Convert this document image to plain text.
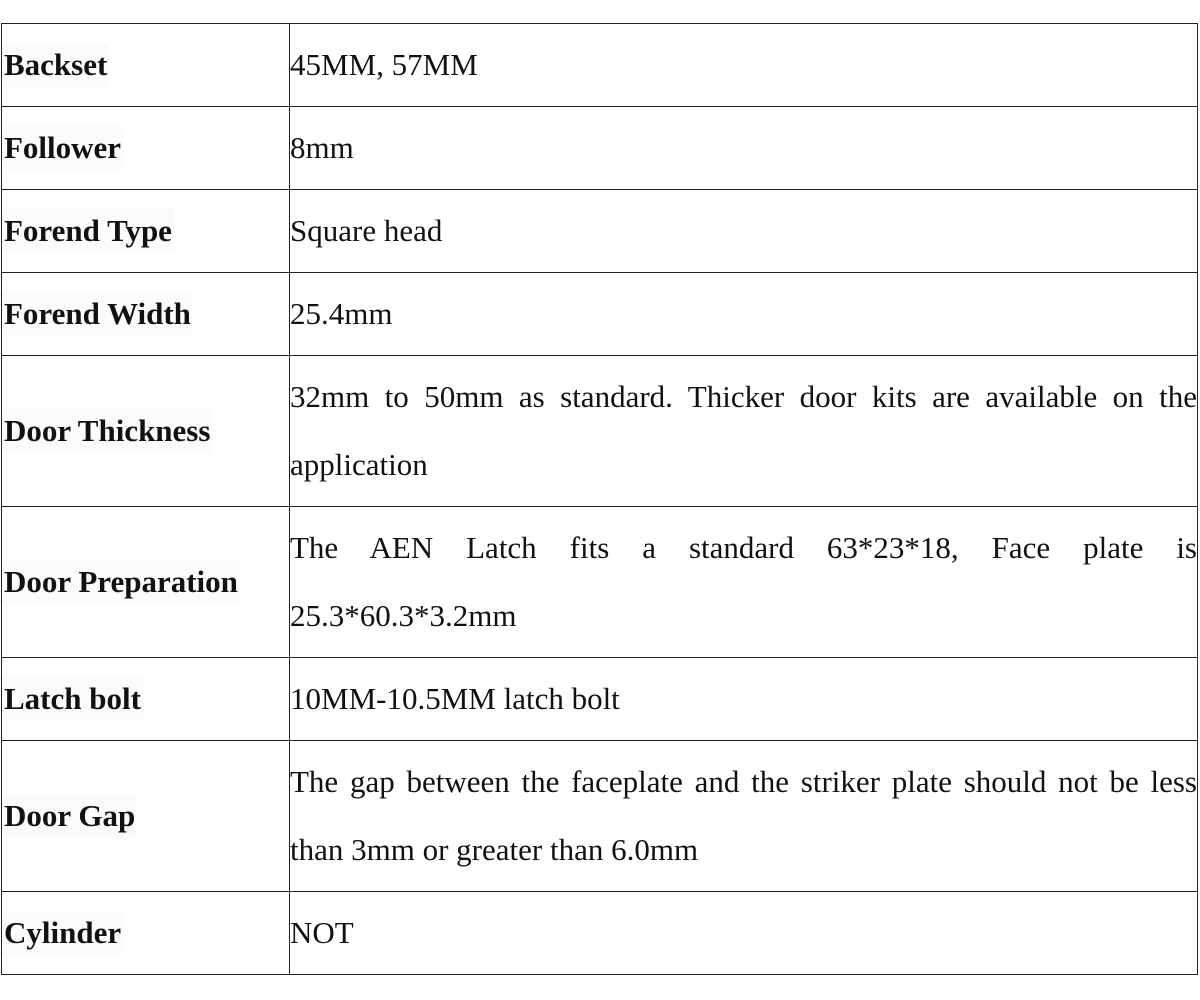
Backset	45MM, 57MM
Follower	8mm
Forend Type	Square head
Forend Width	25.4mm
Door Thickness	32mm to 50mm as standard. Thicker door kits are available on the application
Door Preparation	The AEN Latch fits a standard 63*23*18, Face plate is 25.3*60.3*3.2mm
Latch bolt	10MM-10.5MM latch bolt
Door Gap	The gap between the faceplate and the striker plate should not be less than 3mm or greater than 6.0mm
Cylinder	NOT
